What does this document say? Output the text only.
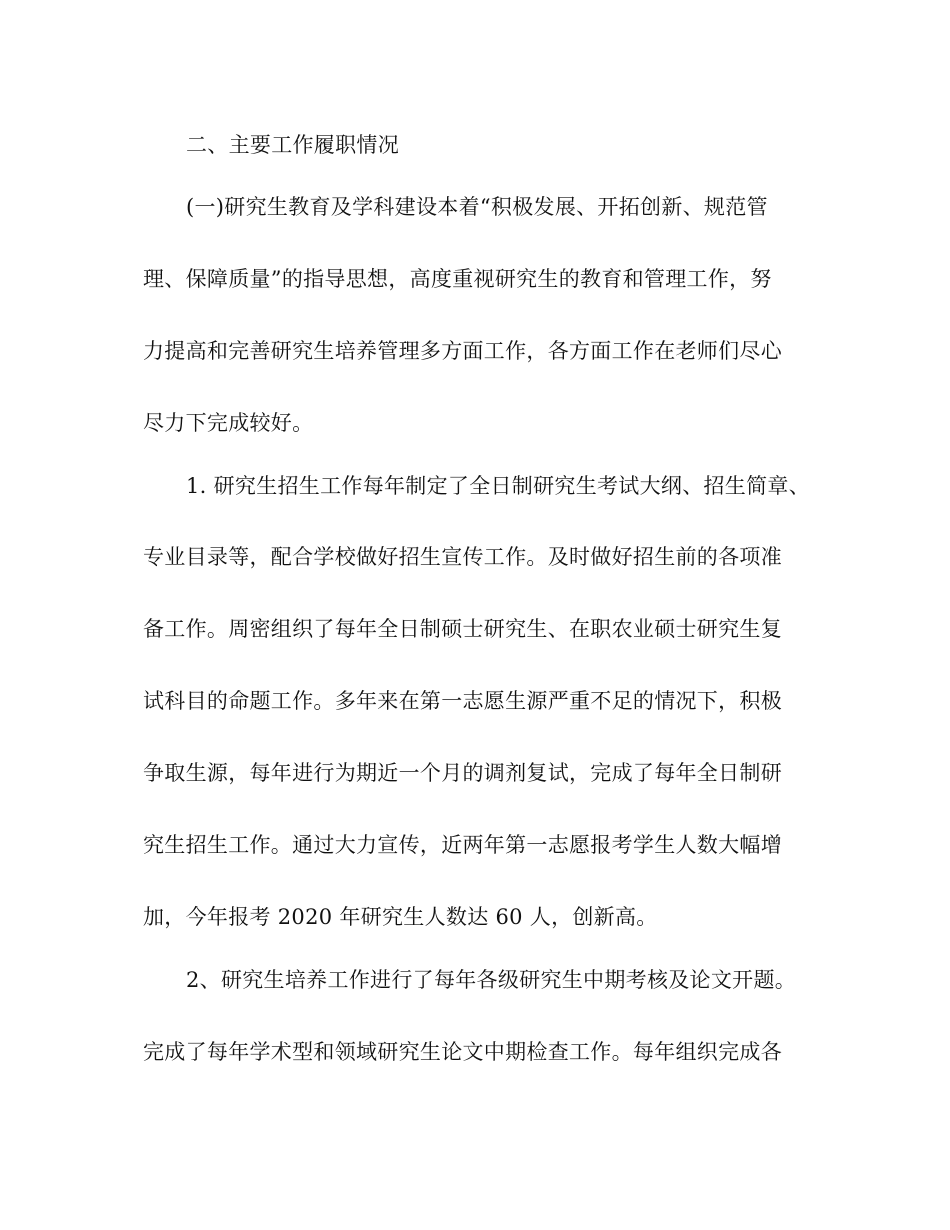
二、主要工作履职情况
(一)研究生教育及学科建设本着“积极发展、开拓创新、规范管
理、保障质量”的指导思想，高度重视研究生的教育和管理工作，努
力提高和完善研究生培养管理多方面工作，各方面工作在老师们尽心
尽力下完成较好。
1. 研究生招生工作每年制定了全日制研究生考试大纲、招生简章、
专业目录等，配合学校做好招生宣传工作。及时做好招生前的各项准
备工作。周密组织了每年全日制硕士研究生、在职农业硕士研究生复
试科目的命题工作。多年来在第一志愿生源严重不足的情况下，积极
争取生源，每年进行为期近一个月的调剂复试，完成了每年全日制研
究生招生工作。通过大力宣传，近两年第一志愿报考学生人数大幅增
加，今年报考 2020 年研究生人数达 60 人，创新高。
2、研究生培养工作进行了每年各级研究生中期考核及论文开题。
完成了每年学术型和领域研究生论文中期检查工作。每年组织完成各
